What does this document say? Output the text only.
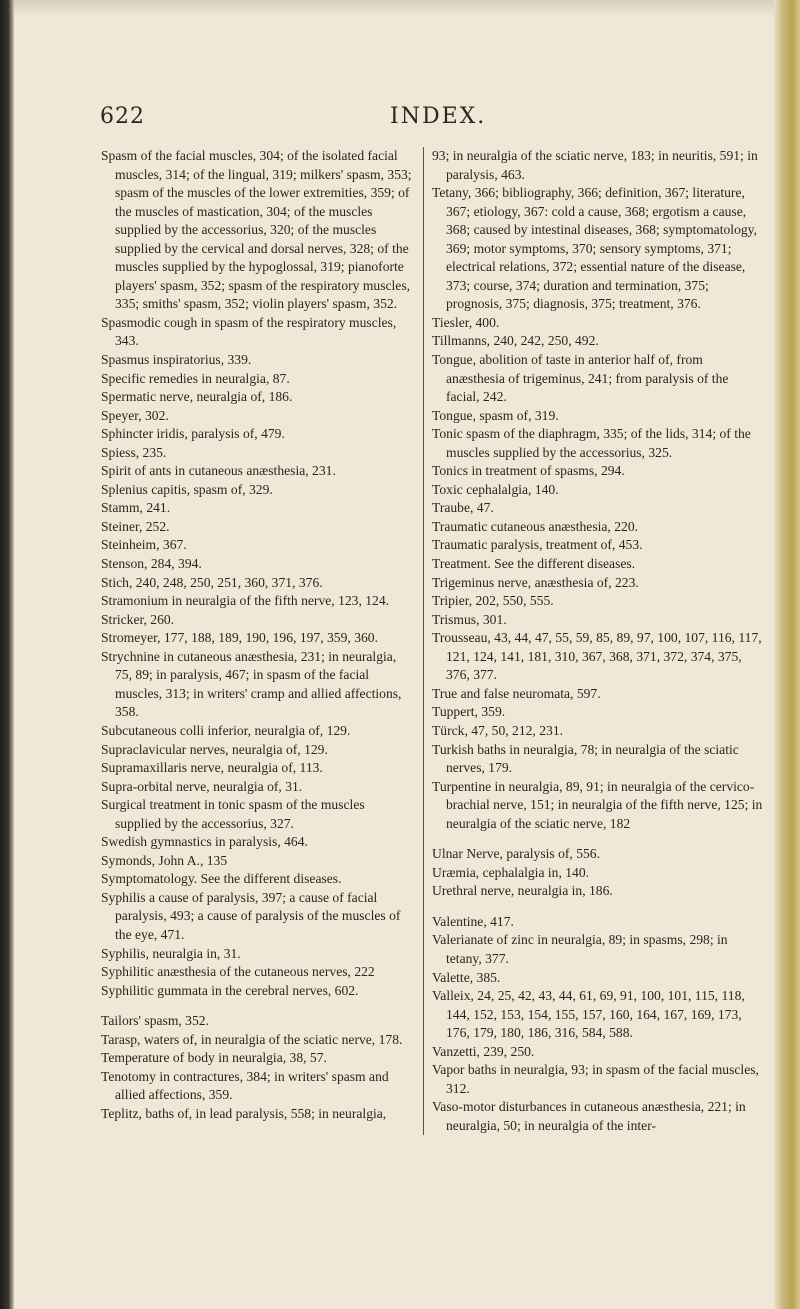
622	INDEX.

Spasm of the facial muscles, 304; of the isolated facial muscles, 314; of the lingual, 319; milkers' spasm, 353; spasm of the muscles of the lower extremities, 359; of the muscles of mastication, 304; of the muscles supplied by the accessorius, 320; of the muscles supplied by the cervical and dorsal nerves, 328; of the muscles supplied by the hypoglossal, 319; pianoforte players' spasm, 352; spasm of the respiratory muscles, 335; smiths' spasm, 352; violin players' spasm, 352.

Spasmodic cough in spasm of the respiratory muscles, 343.

Spasmus inspiratorius, 339.

Specific remedies in neuralgia, 87.

Spermatic nerve, neuralgia of, 186.

Speyer, 302.

Sphincter iridis, paralysis of, 479.

Spiess, 235.

Spirit of ants in cutaneous anæsthesia, 231.

Splenius capitis, spasm of, 329.

Stamm, 241.

Steiner, 252.

Steinheim, 367.

Stenson, 284, 394.

Stich, 240, 248, 250, 251, 360, 371, 376.

Stramonium in neuralgia of the fifth nerve, 123, 124.

Stricker, 260.

Stromeyer, 177, 188, 189, 190, 196, 197, 359, 360.

Strychnine in cutaneous anæsthesia, 231; in neuralgia, 75, 89; in paralysis, 467; in spasm of the facial muscles, 313; in writers' cramp and allied affections, 358.

Subcutaneous colli inferior, neuralgia of, 129.

Supraclavicular nerves, neuralgia of, 129.

Supramaxillaris nerve, neuralgia of, 113.

Supra-orbital nerve, neuralgia of, 31.

Surgical treatment in tonic spasm of the muscles supplied by the accessorius, 327.

Swedish gymnastics in paralysis, 464.

Symonds, John A., 135

Symptomatology. See the different diseases.

Syphilis a cause of paralysis, 397; a cause of facial paralysis, 493; a cause of paralysis of the muscles of the eye, 471.

Syphilis, neuralgia in, 31.

Syphilitic anæsthesia of the cutaneous nerves, 222

Syphilitic gummata in the cerebral nerves, 602.

Tailors' spasm, 352.

Tarasp, waters of, in neuralgia of the sciatic nerve, 178.

Temperature of body in neuralgia, 38, 57.

Tenotomy in contractures, 384; in writers' spasm and allied affections, 359.

Teplitz, baths of, in lead paralysis, 558; in neuralgia,

93; in neuralgia of the sciatic nerve, 183; in neuritis, 591; in paralysis, 463.

Tetany, 366; bibliography, 366; definition, 367; literature, 367; etiology, 367: cold a cause, 368; ergotism a cause, 368; caused by intestinal diseases, 368; symptomatology, 369; motor symptoms, 370; sensory symptoms, 371; electrical relations, 372; essential nature of the disease, 373; course, 374; duration and termination, 375; prognosis, 375; diagnosis, 375; treatment, 376.

Tiesler, 400.

Tillmanns, 240, 242, 250, 492.

Tongue, abolition of taste in anterior half of, from anæsthesia of trigeminus, 241; from paralysis of the facial, 242.

Tongue, spasm of, 319.

Tonic spasm of the diaphragm, 335; of the lids, 314; of the muscles supplied by the accessorius, 325.

Tonics in treatment of spasms, 294.

Toxic cephalalgia, 140.

Traube, 47.

Traumatic cutaneous anæsthesia, 220.

Traumatic paralysis, treatment of, 453.

Treatment. See the different diseases.

Trigeminus nerve, anæsthesia of, 223.

Tripier, 202, 550, 555.

Trismus, 301.

Trousseau, 43, 44, 47, 55, 59, 85, 89, 97, 100, 107, 116, 117, 121, 124, 141, 181, 310, 367, 368, 371, 372, 374, 375, 376, 377.

True and false neuromata, 597.

Tuppert, 359.

Türck, 47, 50, 212, 231.

Turkish baths in neuralgia, 78; in neuralgia of the sciatic nerves, 179.

Turpentine in neuralgia, 89, 91; in neuralgia of the cervico-brachial nerve, 151; in neuralgia of the fifth nerve, 125; in neuralgia of the sciatic nerve, 182

Ulnar Nerve, paralysis of, 556.

Uræmia, cephalalgia in, 140.

Urethral nerve, neuralgia in, 186.

Valentine, 417.

Valerianate of zinc in neuralgia, 89; in spasms, 298; in tetany, 377.

Valette, 385.

Valleix, 24, 25, 42, 43, 44, 61, 69, 91, 100, 101, 115, 118, 144, 152, 153, 154, 155, 157, 160, 164, 167, 169, 173, 176, 179, 180, 186, 316, 584, 588.

Vanzetti, 239, 250.

Vapor baths in neuralgia, 93; in spasm of the facial muscles, 312.

Vaso-motor disturbances in cutaneous anæsthesia, 221; in neuralgia, 50; in neuralgia of the inter-
